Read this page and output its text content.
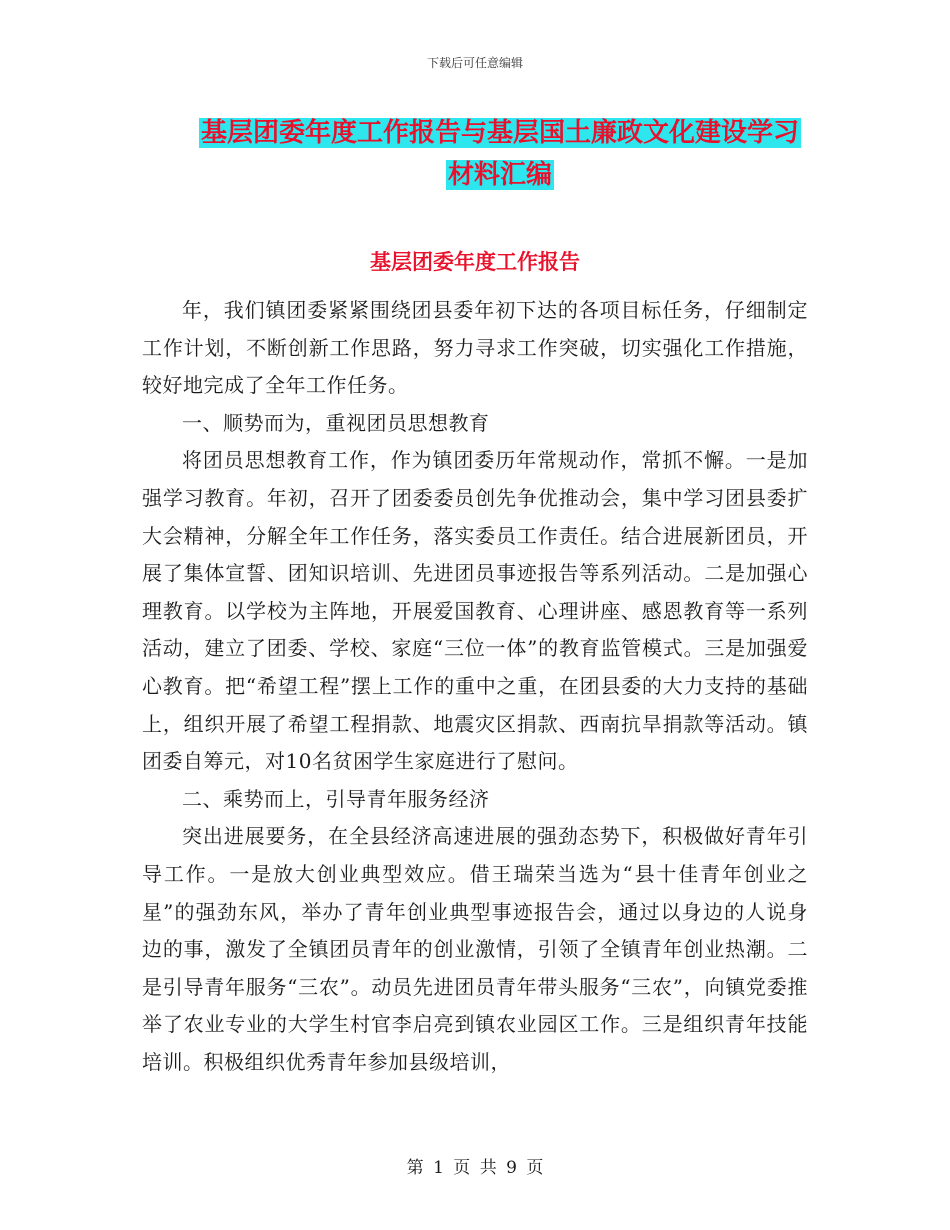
下载后可任意编辑
基层团委年度工作报告与基层国土廉政文化建设学习
材料汇编
基层团委年度工作报告

年，我们镇团委紧紧围绕团县委年初下达的各项目标任务，仔细制定工作计划，不断创新工作思路，努力寻求工作突破，切实强化工作措施，较好地完成了全年工作任务。

一、顺势而为，重视团员思想教育

将团员思想教育工作，作为镇团委历年常规动作，常抓不懈。一是加强学习教育。年初，召开了团委委员创先争优推动会，集中学习团县委扩大会精神，分解全年工作任务，落实委员工作责任。结合进展新团员，开展了集体宣誓、团知识培训、先进团员事迹报告等系列活动。二是加强心理教育。以学校为主阵地，开展爱国教育、心理讲座、感恩教育等一系列活动，建立了团委、学校、家庭“三位一体”的教育监管模式。三是加强爱心教育。把“希望工程”摆上工作的重中之重，在团县委的大力支持的基础上，组织开展了希望工程捐款、地震灾区捐款、西南抗旱捐款等活动。镇团委自筹元，对10名贫困学生家庭进行了慰问。

二、乘势而上，引导青年服务经济

突出进展要务，在全县经济高速进展的强劲态势下，积极做好青年引导工作。一是放大创业典型效应。借王瑞荣当选为“县十佳青年创业之星”的强劲东风，举办了青年创业典型事迹报告会，通过以身边的人说身边的事，激发了全镇团员青年的创业激情，引领了全镇青年创业热潮。二是引导青年服务“三农”。动员先进团员青年带头服务“三农”，向镇党委推举了农业专业的大学生村官李启亮到镇农业园区工作。三是组织青年技能培训。积极组织优秀青年参加县级培训，

第 1 页 共 9 页
